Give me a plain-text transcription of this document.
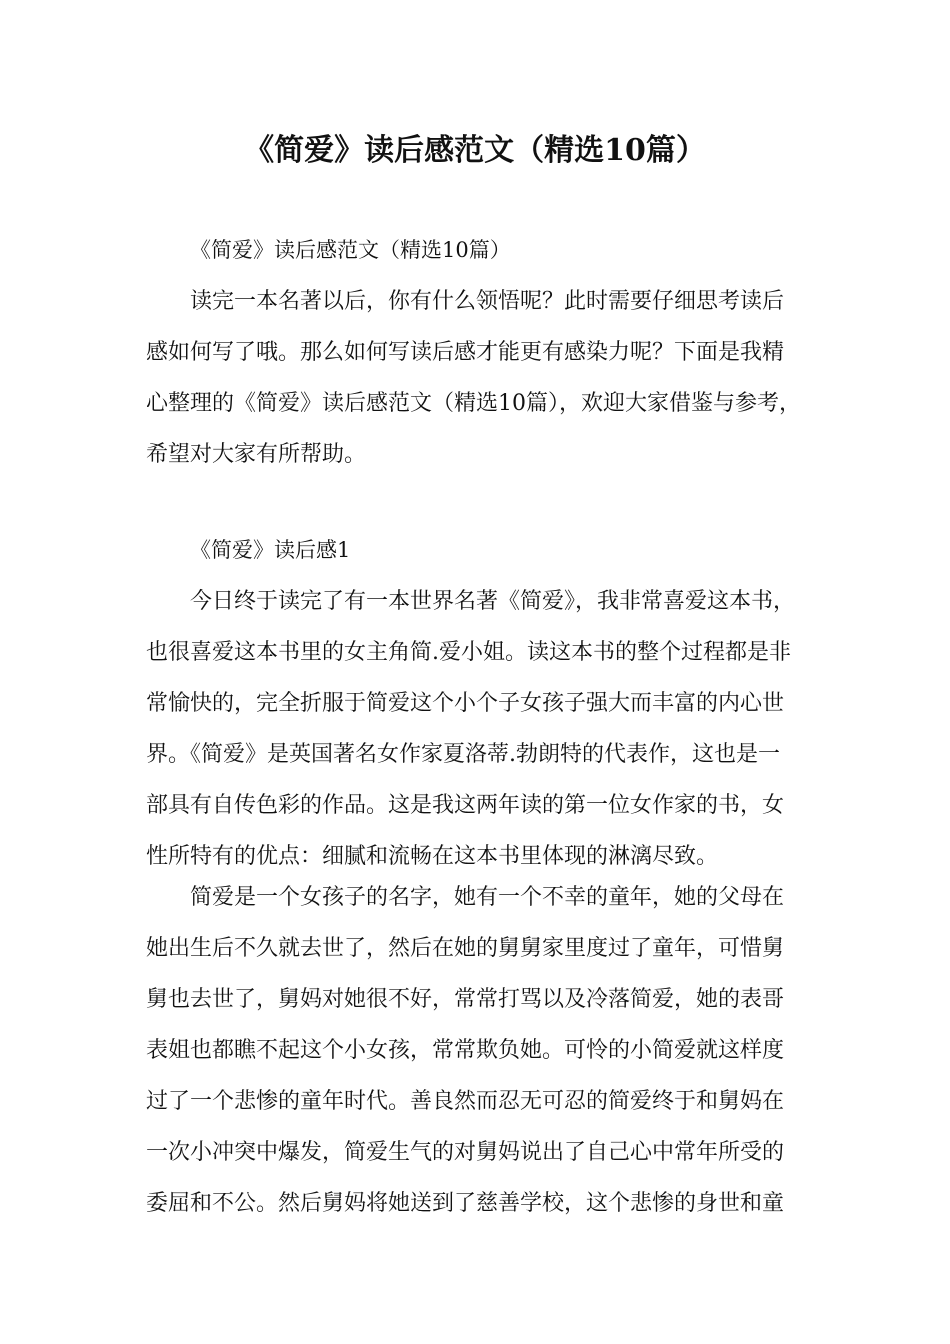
《简爱》读后感范文（精选10篇）
《简爱》读后感范文（精选10篇）
读完一本名著以后，你有什么领悟呢？此时需要仔细思考读后
感如何写了哦。那么如何写读后感才能更有感染力呢？下面是我精
心整理的《简爱》读后感范文（精选10篇），欢迎大家借鉴与参考，
希望对大家有所帮助。
《简爱》读后感1
今日终于读完了有一本世界名著《简爱》，我非常喜爱这本书，
也很喜爱这本书里的女主角简.爱小姐。读这本书的整个过程都是非
常愉快的，完全折服于简爱这个小个子女孩子强大而丰富的内心世
界。《简爱》是英国著名女作家夏洛蒂.勃朗特的代表作，这也是一
部具有自传色彩的作品。这是我这两年读的第一位女作家的书，女
性所特有的优点：细腻和流畅在这本书里体现的淋漓尽致。
简爱是一个女孩子的名字，她有一个不幸的童年，她的父母在
她出生后不久就去世了，然后在她的舅舅家里度过了童年，可惜舅
舅也去世了，舅妈对她很不好，常常打骂以及冷落简爱，她的表哥
表姐也都瞧不起这个小女孩，常常欺负她。可怜的小简爱就这样度
过了一个悲惨的童年时代。善良然而忍无可忍的简爱终于和舅妈在
一次小冲突中爆发，简爱生气的对舅妈说出了自己心中常年所受的
委屈和不公。然后舅妈将她送到了慈善学校，这个悲惨的身世和童
